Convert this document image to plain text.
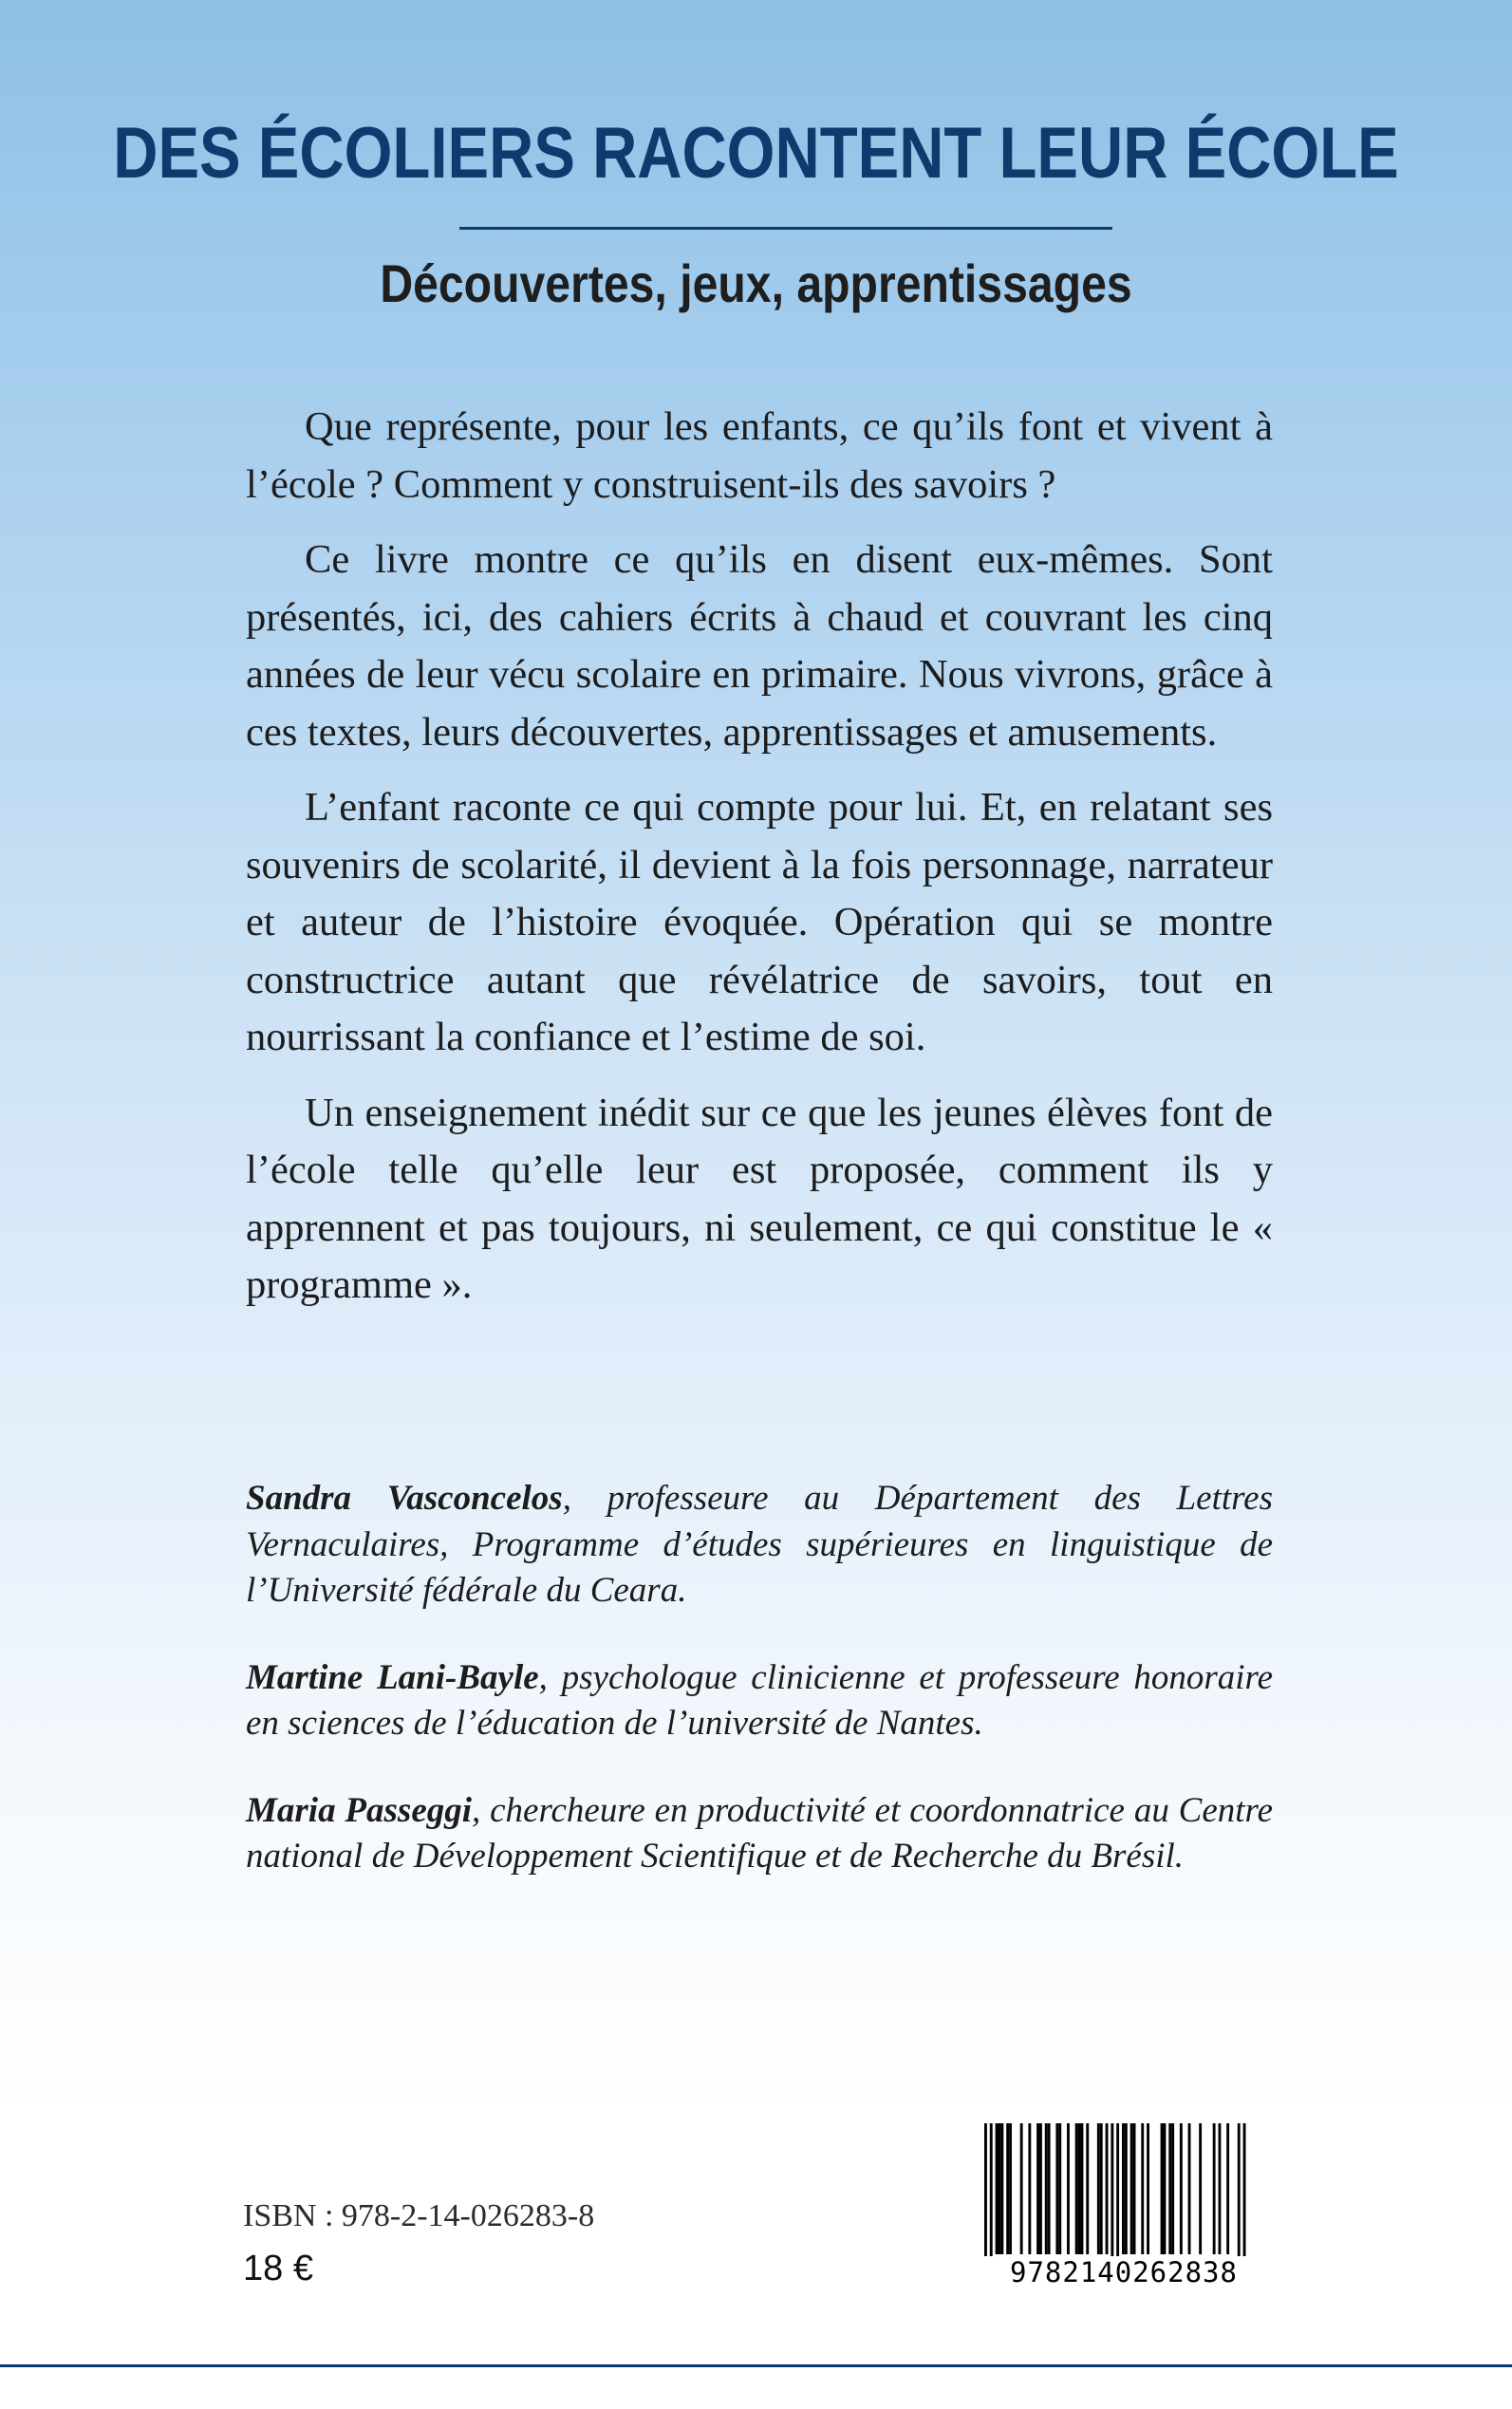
DES ÉCOLIERS RACONTENT LEUR ÉCOLE
Découvertes, jeux, apprentissages

Que représente, pour les enfants, ce qu’ils font et vivent à l’école ? Comment y construisent-ils des savoirs ?

Ce livre montre ce qu’ils en disent eux-mêmes. Sont présentés, ici, des cahiers écrits à chaud et couvrant les cinq années de leur vécu scolaire en primaire. Nous vivrons, grâce à ces textes, leurs découvertes, apprentissages et amusements.

L’enfant raconte ce qui compte pour lui. Et, en relatant ses souvenirs de scolarité, il devient à la fois personnage, narrateur et auteur de l’histoire évoquée. Opération qui se montre constructrice autant que révélatrice de savoirs, tout en nourrissant la confiance et l’estime de soi.

Un enseignement inédit sur ce que les jeunes élèves font de l’école telle qu’elle leur est proposée, comment ils y apprennent et pas toujours, ni seulement, ce qui constitue le « programme ».

Sandra Vasconcelos, professeure au Département des Lettres Vernaculaires, Programme d’études supérieures en linguistique de l’Université fédérale du Ceara.

Martine Lani-Bayle, psychologue clinicienne et professeure honoraire en sciences de l’éducation de l’université de Nantes.

Maria Passeggi, chercheure en productivité et coordonnatrice au Centre national de Développement Scientifique et de Recherche du Brésil.

ISBN : 978-2-14-026283-8
18 €	9782140262838
